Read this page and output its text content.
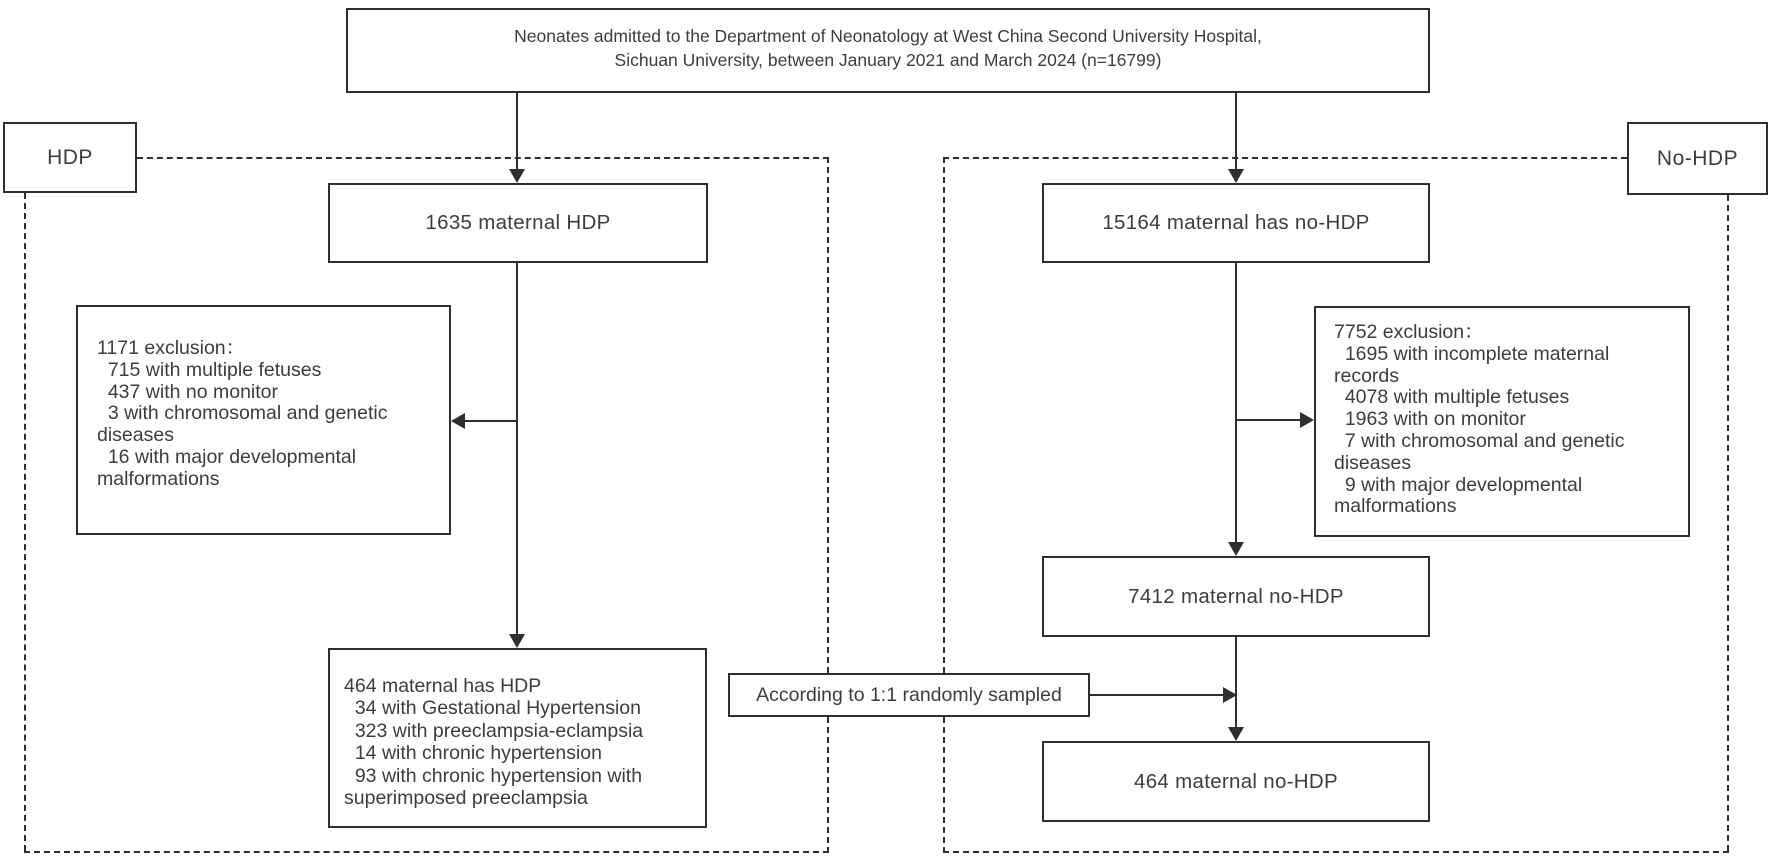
Neonates admitted to the Department of Neonatology at West China Second University Hospital,
Sichuan University, between January 2021 and March 2024 (n=16799)
HDP	No-HDP
1635 maternal HDP	15164 maternal has no-HDP
1171 exclusion：
715 with multiple fetuses
437 with no monitor
3 with chromosomal and genetic
diseases
16 with major developmental
malformations
7752 exclusion：
1695 with incomplete maternal
records
4078 with multiple fetuses
1963 with on monitor
7 with chromosomal and genetic
diseases
9 with major developmental
malformations
7412 maternal no-HDP
464 maternal has HDP
34 with Gestational Hypertension
323 with preeclampsia-eclampsia
14 with chronic hypertension
93 with chronic hypertension with
superimposed preeclampsia
According to 1:1 randomly sampled
464 maternal no-HDP
